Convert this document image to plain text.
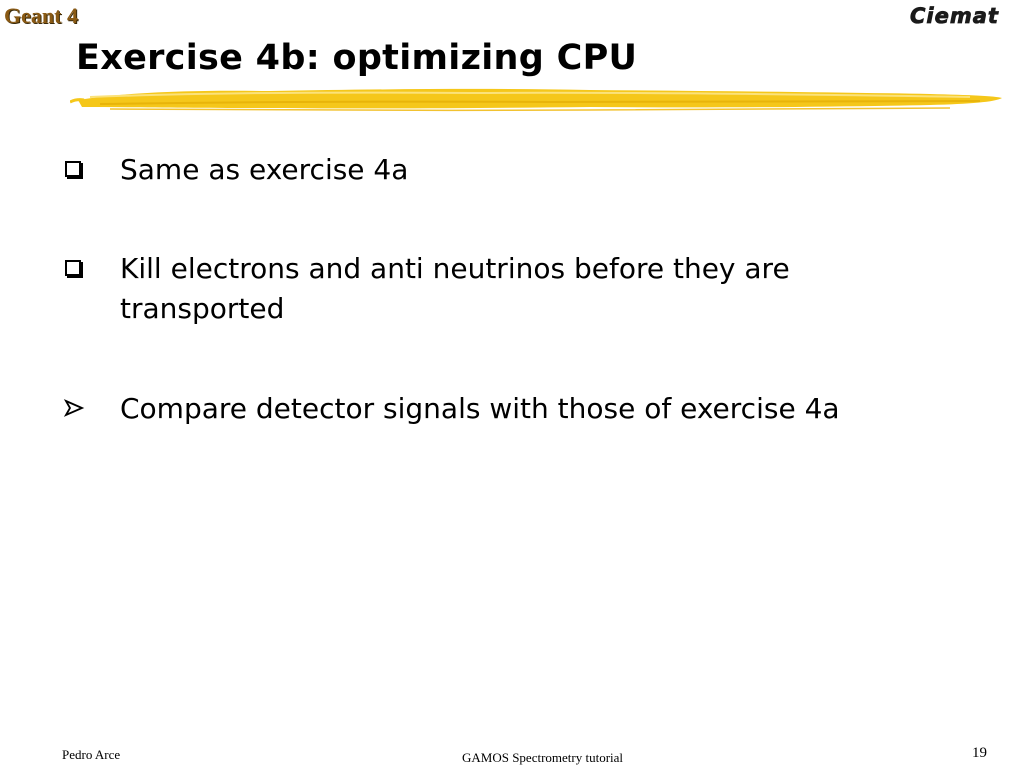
Geant 4	Ciemat
Exercise 4b: optimizing CPU
Same as exercise 4a
Kill electrons and anti neutrinos before they are transported
Compare detector signals with those of exercise 4a
Pedro Arce	GAMOS Spectrometry tutorial	19
